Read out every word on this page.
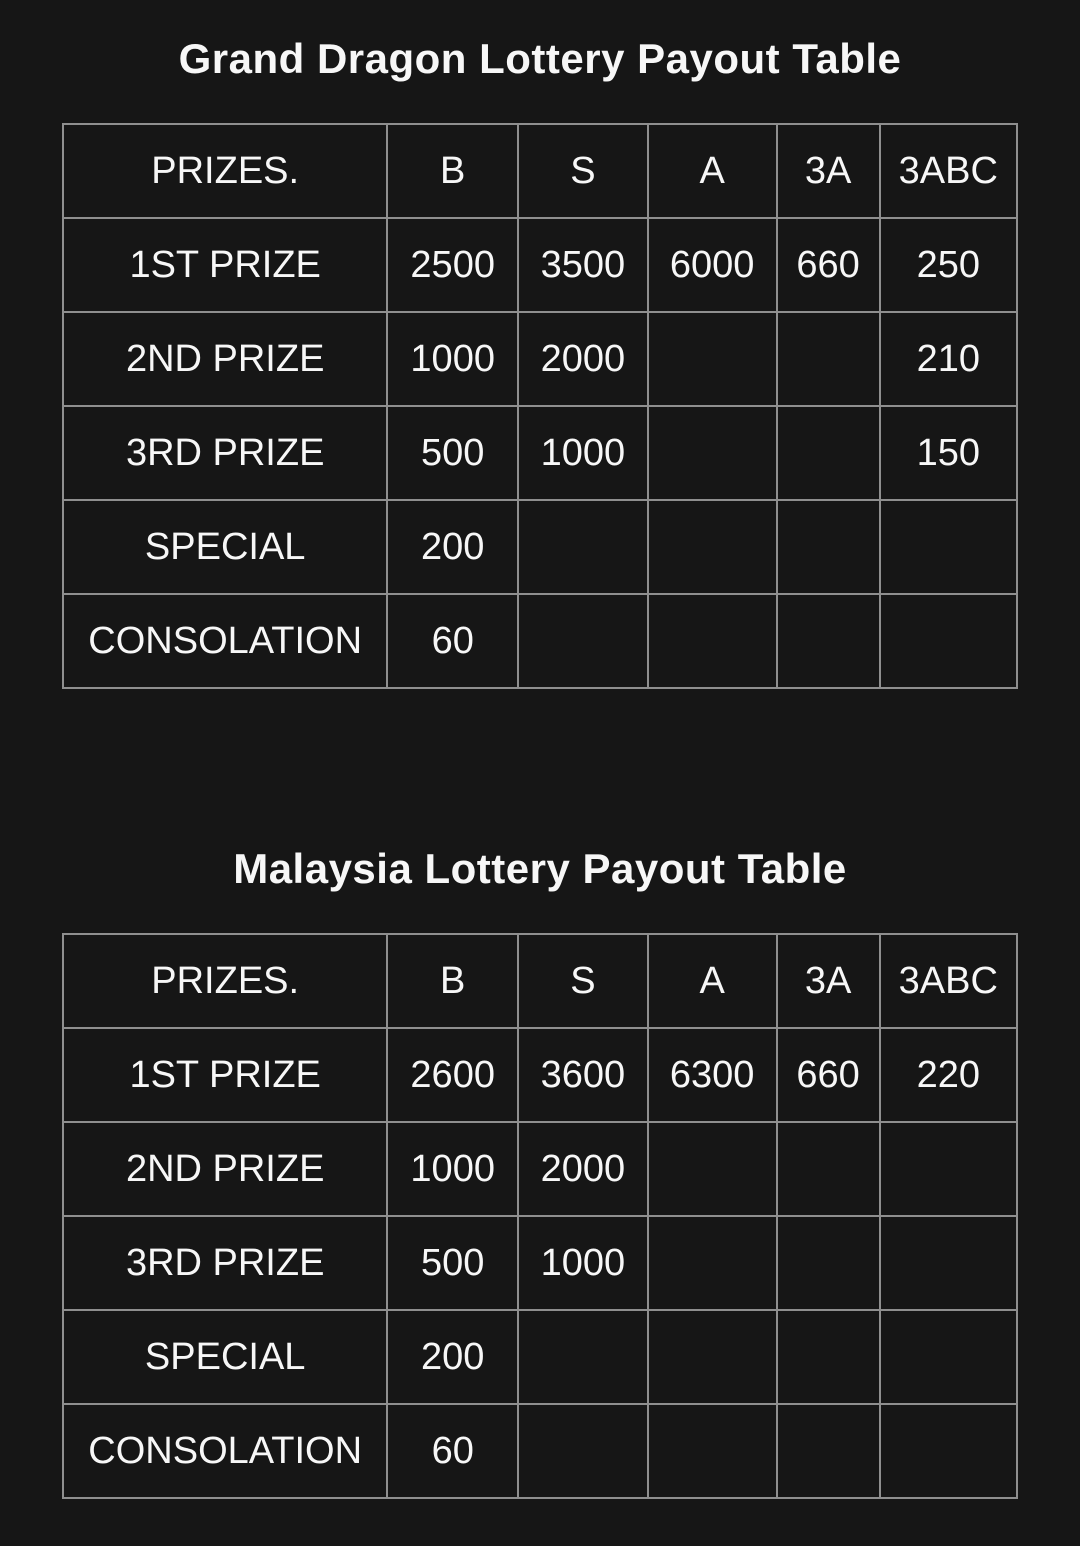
Grand Dragon Lottery Payout Table
PRIZES.	B	S	A	3A	3ABC
1ST PRIZE	2500	3500	6000	660	250
2ND PRIZE	1000	2000			210
3RD PRIZE	500	1000			150
SPECIAL	200				
CONSOLATION	60				
Malaysia Lottery Payout Table
PRIZES.	B	S	A	3A	3ABC
1ST PRIZE	2600	3600	6300	660	220
2ND PRIZE	1000	2000			
3RD PRIZE	500	1000			
SPECIAL	200				
CONSOLATION	60				
